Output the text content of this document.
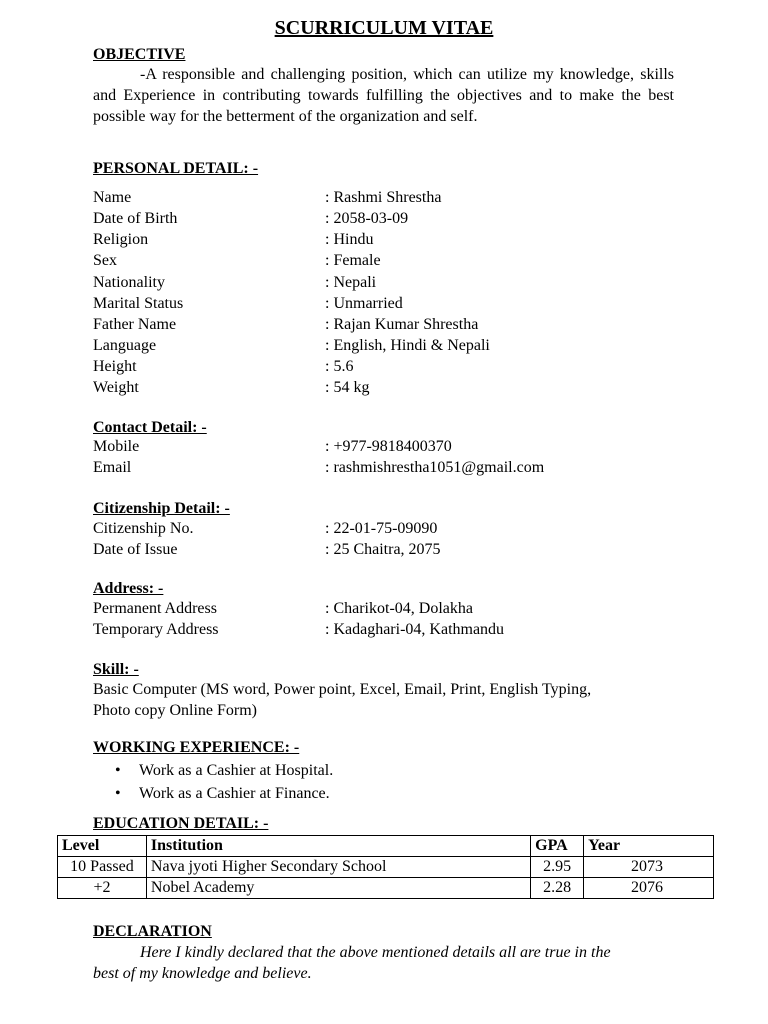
SCURRICULUM VITAE
OBJECTIVE
-A responsible and challenging position, which can utilize my knowledge, skills and Experience in contributing towards fulfilling the objectives and to make the best possible way for the betterment of the organization and self.
PERSONAL DETAIL: -
Name	: Rashmi Shrestha
Date of Birth	: 2058-03-09
Religion	: Hindu
Sex	: Female
Nationality	: Nepali
Marital Status	: Unmarried
Father Name	: Rajan Kumar Shrestha
Language	: English, Hindi & Nepali
Height	: 5.6
Weight	: 54 kg
Contact Detail: -
Mobile	: +977-9818400370
Email	: rashmishrestha1051@gmail.com
Citizenship Detail: -
Citizenship No.	: 22-01-75-09090
Date of Issue	: 25 Chaitra, 2075
Address: -
Permanent Address	: Charikot-04, Dolakha
Temporary Address	: Kadaghari-04, Kathmandu
Skill: -
Basic Computer (MS word, Power point, Excel, Email, Print, English Typing,
Photo copy Online Form)
WORKING EXPERIENCE: -
• Work as a Cashier at Hospital.
• Work as a Cashier at Finance.
EDUCATION DETAIL: -
Level	Institution	GPA	Year
10 Passed	Nava jyoti Higher Secondary School	2.95	2073
+2	Nobel Academy	2.28	2076
DECLARATION
Here I kindly declared that the above mentioned details all are true in the
best of my knowledge and believe.
